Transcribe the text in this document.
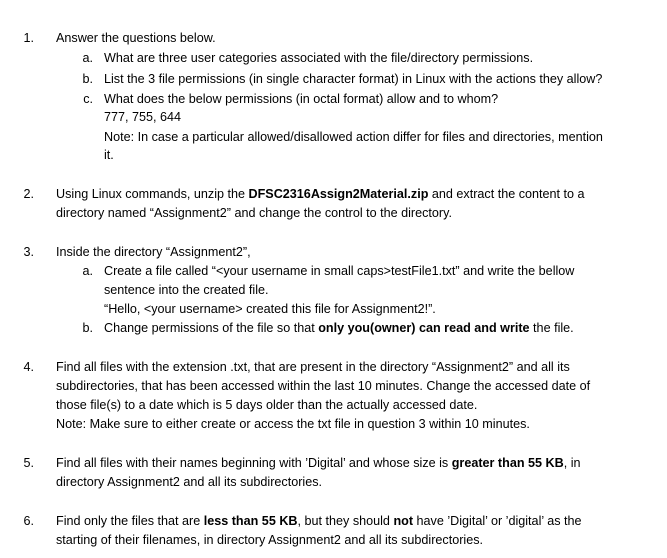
1. Answer the questions below.
a. What are three user categories associated with the file/directory permissions.
b. List the 3 file permissions (in single character format) in Linux with the actions they allow?
c. What does the below permissions (in octal format) allow and to whom?
777, 755, 644
Note: In case a particular allowed/disallowed action differ for files and directories, mention
it.
2. Using Linux commands, unzip the DFSC2316Assign2Material.zip and extract the content to a
directory named “Assignment2” and change the control to the directory.
3. Inside the directory “Assignment2”,
a. Create a file called “<your username in small caps>testFile1.txt” and write the bellow
sentence into the created file.
“Hello, <your username> created this file for Assignment2!”.
b. Change permissions of the file so that only you(owner) can read and write the file.
4. Find all files with the extension .txt, that are present in the directory “Assignment2” and all its
subdirectories, that has been accessed within the last 10 minutes. Change the accessed date of
those file(s) to a date which is 5 days older than the actually accessed date.
Note: Make sure to either create or access the txt file in question 3 within 10 minutes.
5. Find all files with their names beginning with ’Digital’ and whose size is greater than 55 KB, in
directory Assignment2 and all its subdirectories.
6. Find only the files that are less than 55 KB, but they should not have ’Digital’ or ’digital’ as the
starting of their filenames, in directory Assignment2 and all its subdirectories.
